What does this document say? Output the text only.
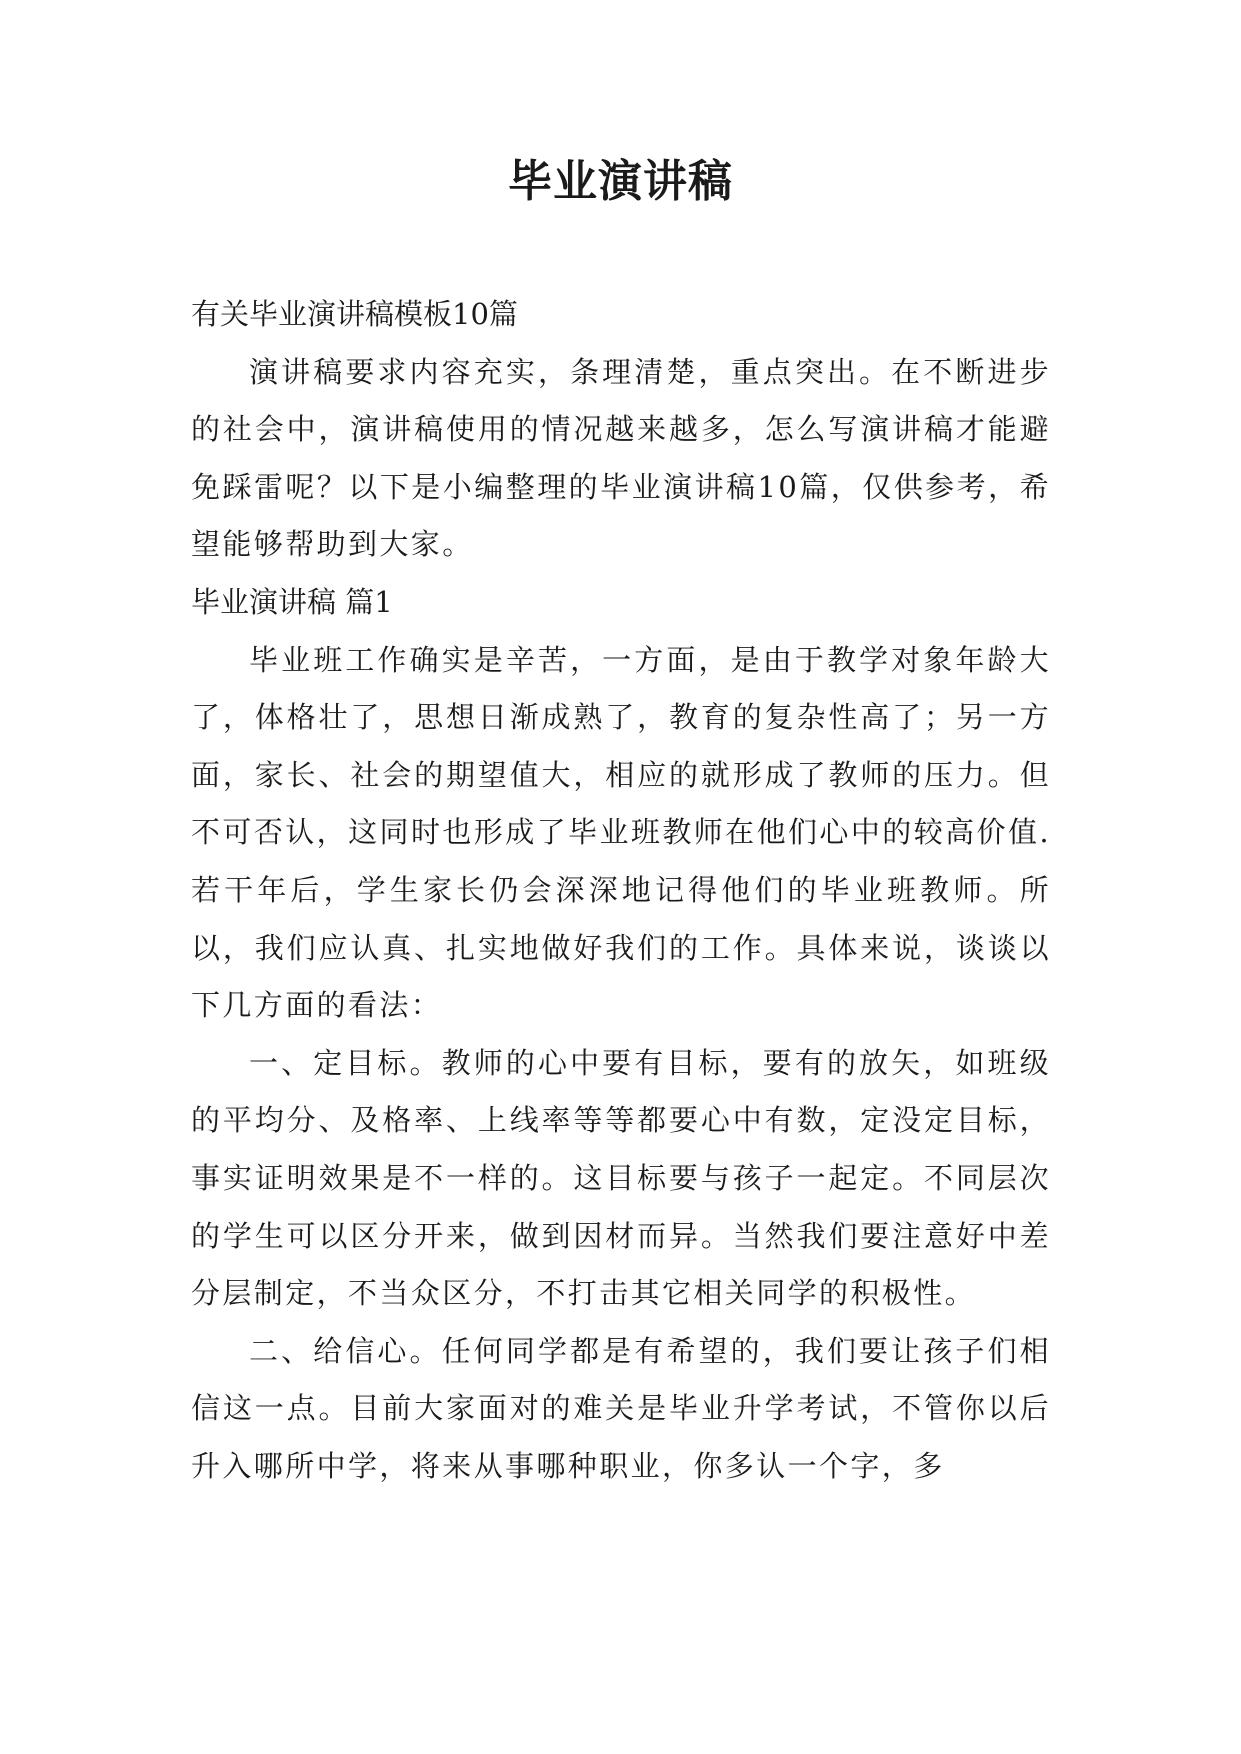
毕业演讲稿

有关毕业演讲稿模板10篇

演讲稿要求内容充实，条理清楚，重点突出。在不断进步的社会中，演讲稿使用的情况越来越多，怎么写演讲稿才能避免踩雷呢？以下是小编整理的毕业演讲稿10篇，仅供参考，希望能够帮助到大家。

毕业演讲稿 篇1

毕业班工作确实是辛苦，一方面，是由于教学对象年龄大了，体格壮了，思想日渐成熟了，教育的复杂性高了；另一方面，家长、社会的期望值大，相应的就形成了教师的压力。但不可否认，这同时也形成了毕业班教师在他们心中的较高价值.若干年后，学生家长仍会深深地记得他们的毕业班教师。所以，我们应认真、扎实地做好我们的工作。具体来说，谈谈以下几方面的看法：

一、定目标。教师的心中要有目标，要有的放矢，如班级的平均分、及格率、上线率等等都要心中有数，定没定目标，事实证明效果是不一样的。这目标要与孩子一起定。不同层次的学生可以区分开来，做到因材而异。当然我们要注意好中差分层制定，不当众区分，不打击其它相关同学的积极性。

二、给信心。任何同学都是有希望的，我们要让孩子们相信这一点。目前大家面对的难关是毕业升学考试，不管你以后升入哪所中学，将来从事哪种职业，你多认一个字，多
